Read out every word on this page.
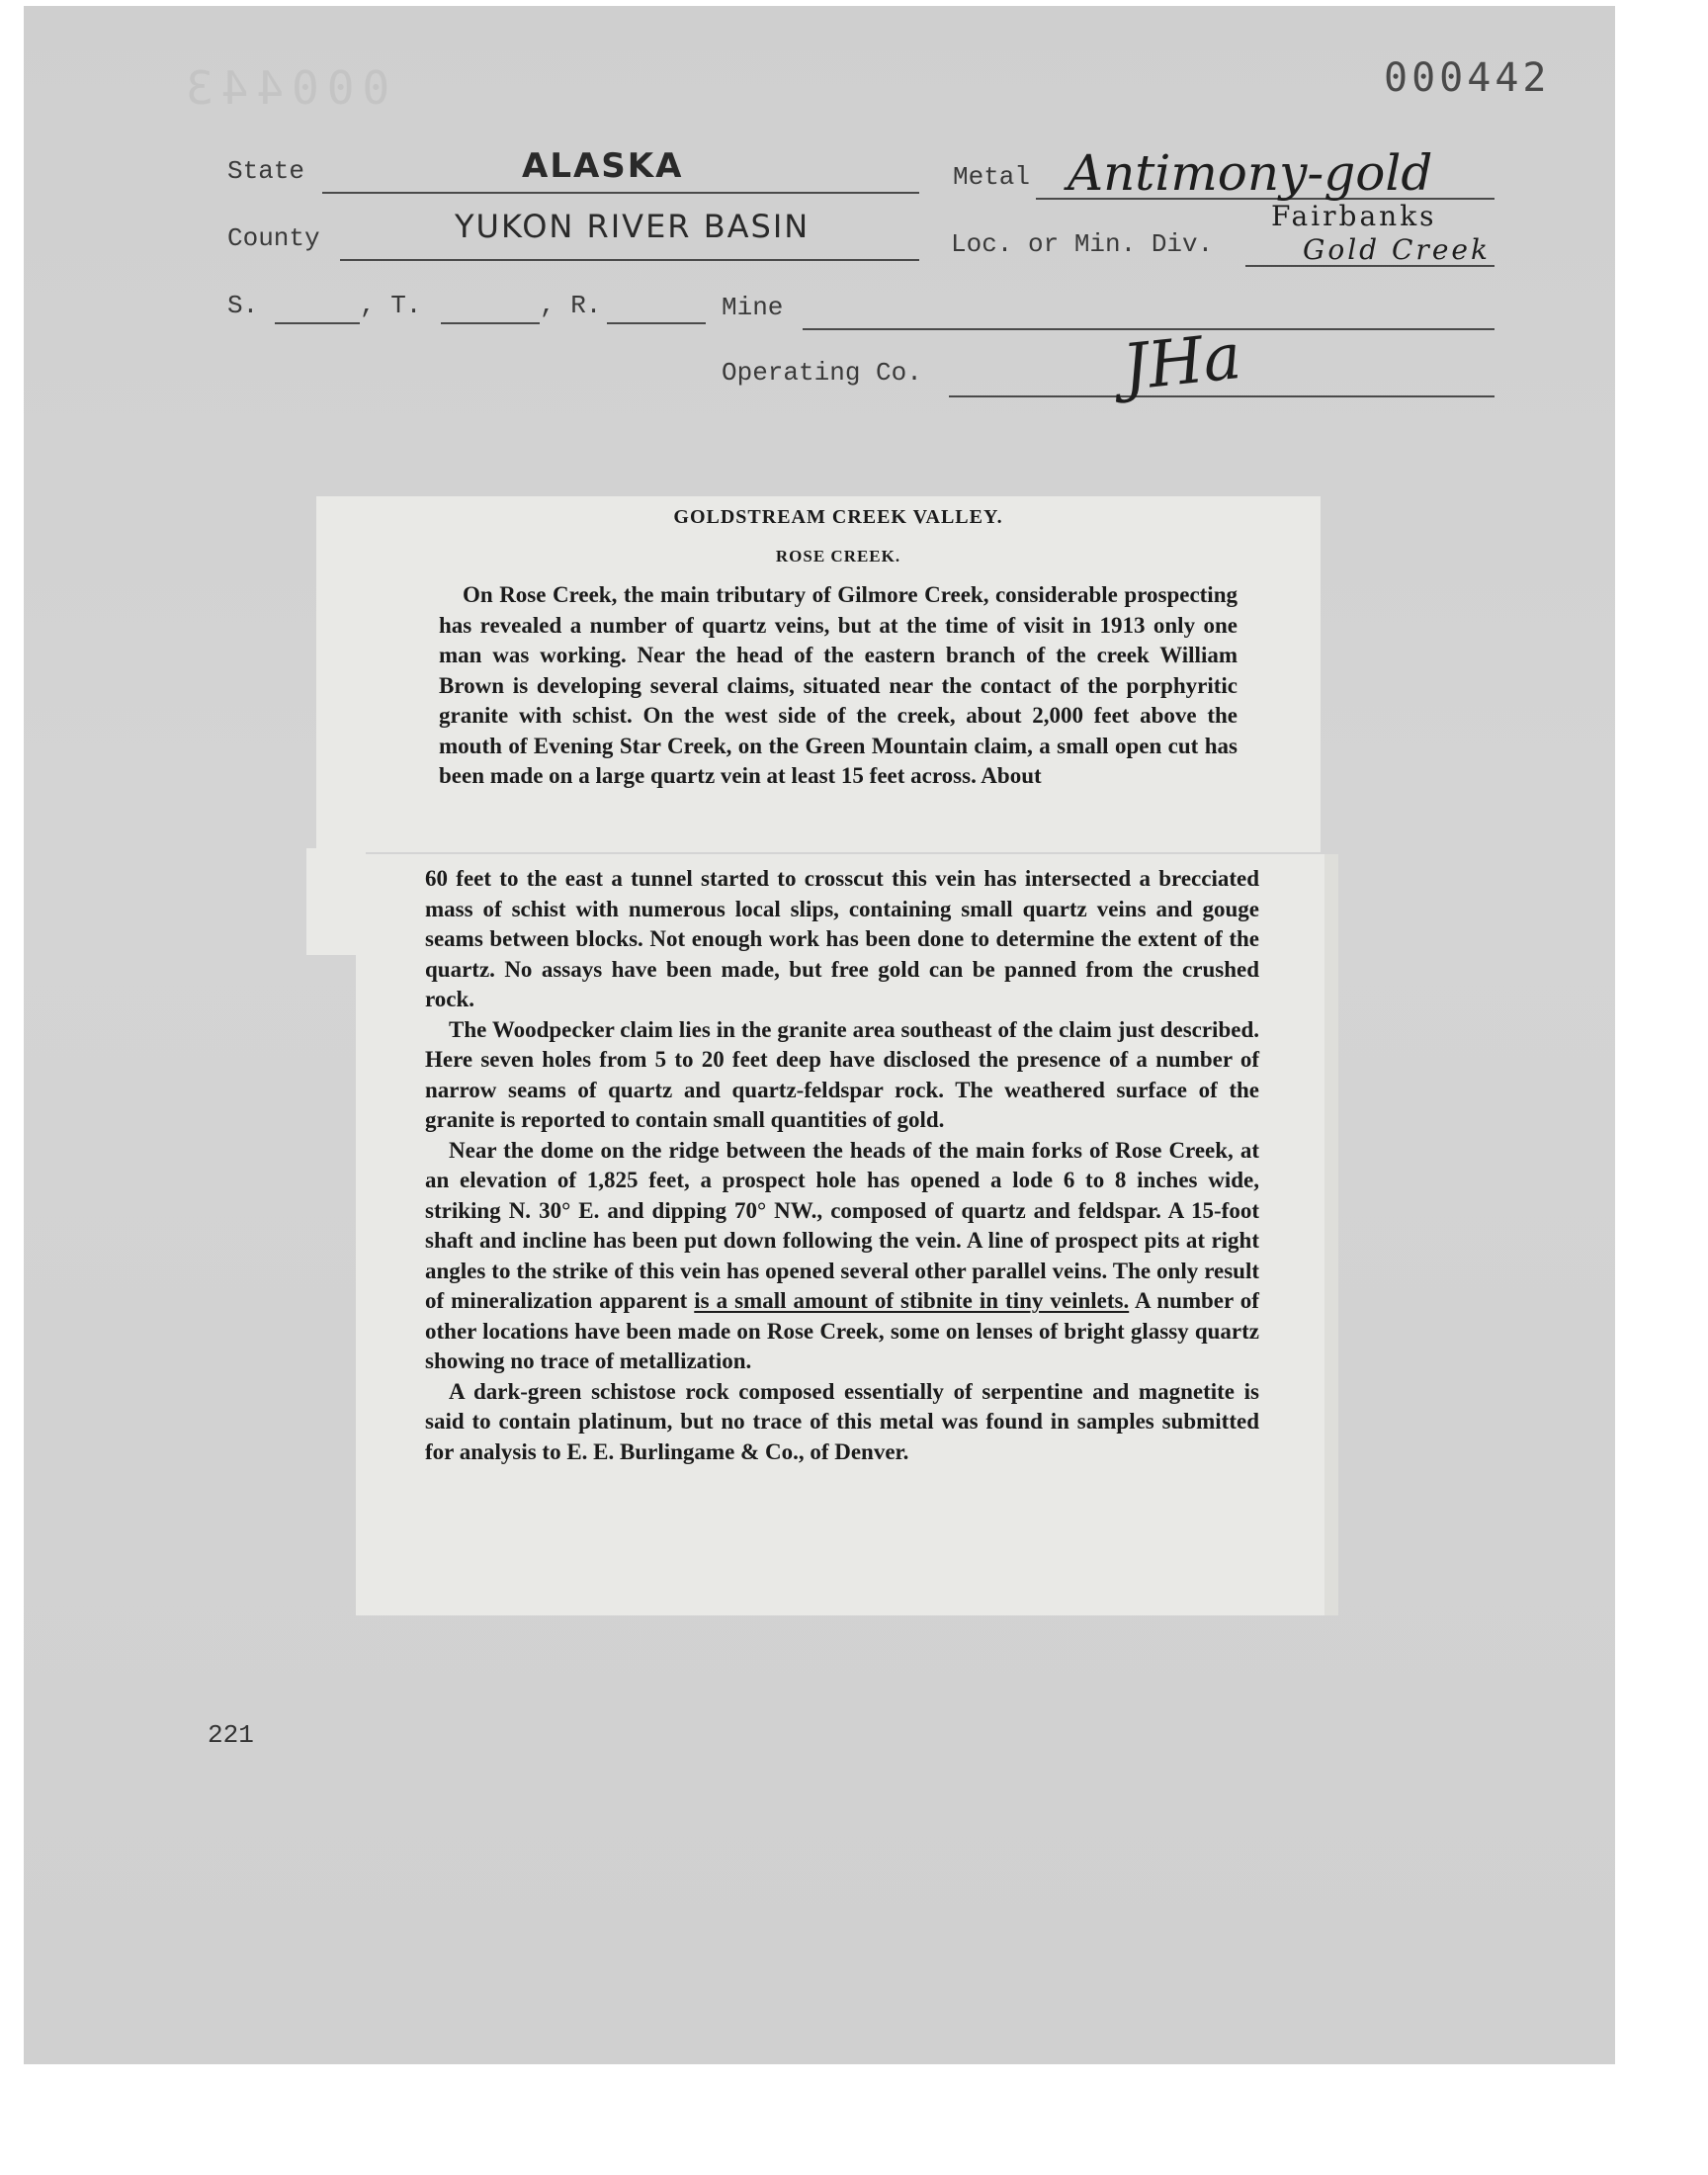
000443	000442
State	ALASKA	Metal Antimony-gold
County	YUKON RIVER BASIN	Loc. or Min. Div.
Fairbanks
Gold Creek
S.	, T.	, R.	Mine
Operating Co.	JHa
GOLDSTREAM CREEK VALLEY.
ROSE CREEK.

On Rose Creek, the main tributary of Gilmore Creek, considerable prospecting has revealed a number of quartz veins, but at the time of visit in 1913 only one man was working. Near the head of the eastern branch of the creek William Brown is developing several claims, situated near the contact of the porphyritic granite with schist. On the west side of the creek, about 2,000 feet above the mouth of Evening Star Creek, on the Green Mountain claim, a small open cut has been made on a large quartz vein at least 15 feet across. About

60 feet to the east a tunnel started to crosscut this vein has intersected a brecciated mass of schist with numerous local slips, containing small quartz veins and gouge seams between blocks. Not enough work has been done to determine the extent of the quartz. No assays have been made, but free gold can be panned from the crushed rock.

The Woodpecker claim lies in the granite area southeast of the claim just described. Here seven holes from 5 to 20 feet deep have disclosed the presence of a number of narrow seams of quartz and quartz-feldspar rock. The weathered surface of the granite is reported to contain small quantities of gold.

Near the dome on the ridge between the heads of the main forks of Rose Creek, at an elevation of 1,825 feet, a prospect hole has opened a lode 6 to 8 inches wide, striking N. 30° E. and dipping 70° NW., composed of quartz and feldspar. A 15-foot shaft and incline has been put down following the vein. A line of prospect pits at right angles to the strike of this vein has opened several other parallel veins. The only result of mineralization apparent is a small amount of stibnite in tiny veinlets. A number of other locations have been made on Rose Creek, some on lenses of bright glassy quartz showing no trace of metallization.

A dark-green schistose rock composed essentially of serpentine and magnetite is said to contain platinum, but no trace of this metal was found in samples submitted for analysis to E. E. Burlingame & Co., of Denver.

221
